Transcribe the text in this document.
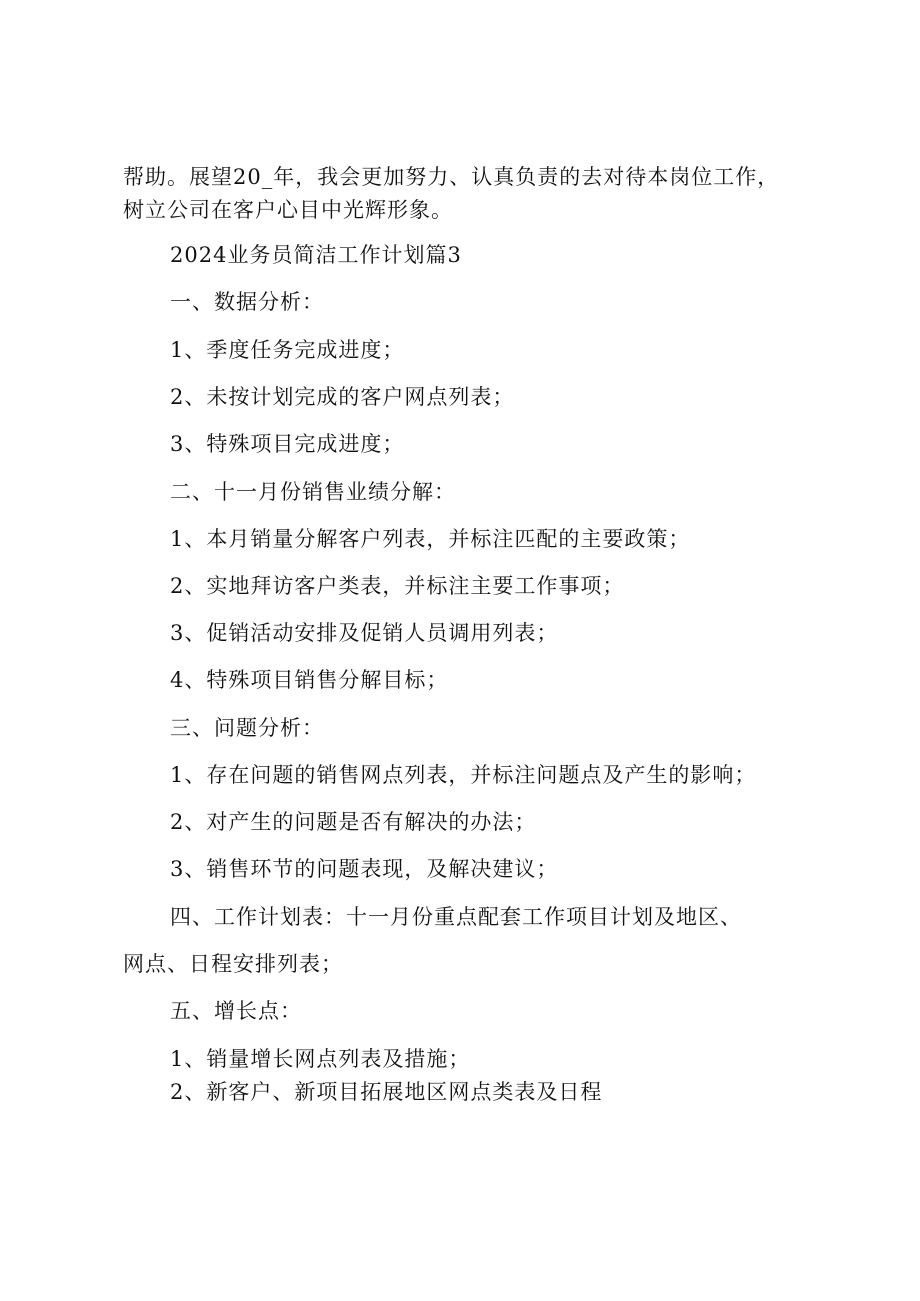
帮助。展望20_年，我会更加努力、认真负责的去对待本岗位工作，
树立公司在客户心目中光辉形象。
2024业务员简洁工作计划篇3
一、数据分析：
1、季度任务完成进度；
2、未按计划完成的客户网点列表；
3、特殊项目完成进度；
二、十一月份销售业绩分解：
1、本月销量分解客户列表，并标注匹配的主要政策；
2、实地拜访客户类表，并标注主要工作事项；
3、促销活动安排及促销人员调用列表；
4、特殊项目销售分解目标；
三、问题分析：
1、存在问题的销售网点列表，并标注问题点及产生的影响；
2、对产生的问题是否有解决的办法；
3、销售环节的问题表现，及解决建议；
四、工作计划表：十一月份重点配套工作项目计划及地区、
网点、日程安排列表；
五、增长点：
1、销量增长网点列表及措施；
2、新客户、新项目拓展地区网点类表及日程
